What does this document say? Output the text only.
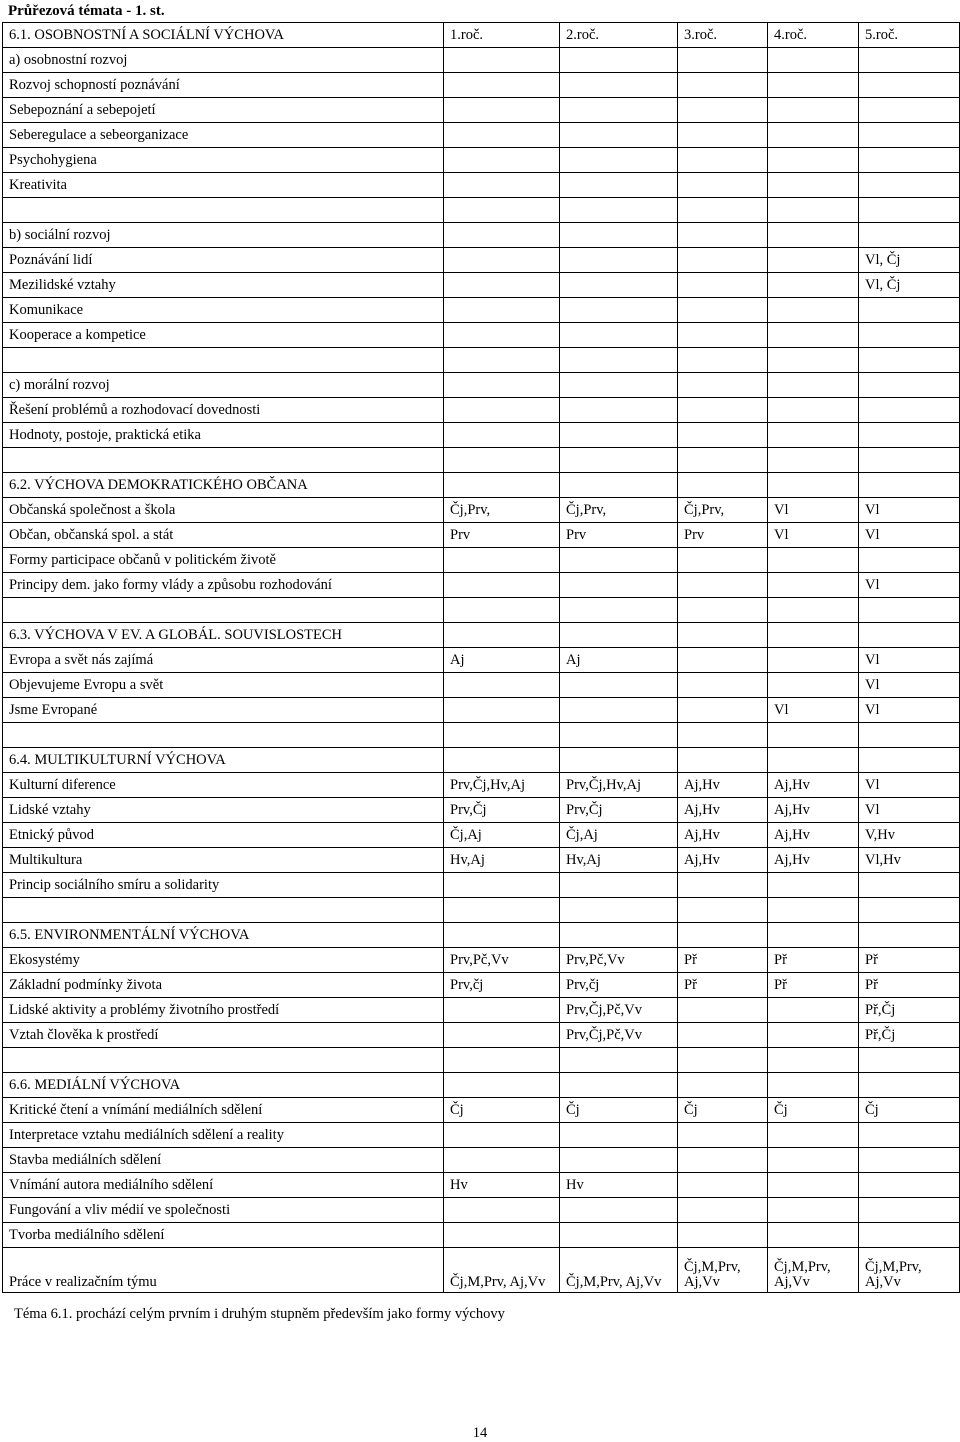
Průřezová témata - 1. st.
6.1. OSOBNOSTNÍ A SOCIÁLNÍ VÝCHOVA	1.roč.	2.roč.	3.roč.	4.roč.	5.roč.
a) osobnostní rozvoj					
Rozvoj schopností poznávání					
Sebepoznání a sebepojetí					
Seberegulace a sebeorganizace					
Psychohygiena					
Kreativita					

b) sociální rozvoj					
Poznávání lidí					Vl, Čj
Mezilidské vztahy					Vl, Čj
Komunikace					
Kooperace a kompetice					

c) morální rozvoj					
Řešení problémů a rozhodovací dovednosti					
Hodnoty, postoje, praktická etika					

6.2. VÝCHOVA DEMOKRATICKÉHO OBČANA					
Občanská společnost a škola	Čj,Prv,	Čj,Prv,	Čj,Prv,	Vl	Vl
Občan, občanská spol. a stát	Prv	Prv	Prv	Vl	Vl
Formy participace občanů v politickém životě					
Principy dem. jako formy vlády a způsobu rozhodování					Vl

6.3. VÝCHOVA V EV. A GLOBÁL. SOUVISLOSTECH					
Evropa a svět nás zajímá	Aj	Aj			Vl
Objevujeme Evropu a svět					Vl
Jsme Evropané				Vl	Vl

6.4. MULTIKULTURNÍ VÝCHOVA					
Kulturní diference	Prv,Čj,Hv,Aj	Prv,Čj,Hv,Aj	Aj,Hv	Aj,Hv	Vl
Lidské vztahy	Prv,Čj	Prv,Čj	Aj,Hv	Aj,Hv	Vl
Etnický původ	Čj,Aj	Čj,Aj	Aj,Hv	Aj,Hv	V,Hv
Multikultura	Hv,Aj	Hv,Aj	Aj,Hv	Aj,Hv	Vl,Hv
Princip sociálního smíru a solidarity					

6.5. ENVIRONMENTÁLNÍ VÝCHOVA					
Ekosystémy	Prv,Pč,Vv	Prv,Pč,Vv	Př	Př	Př
Základní podmínky života	Prv,čj	Prv,čj	Př	Př	Př
Lidské aktivity a problémy životního prostředí		Prv,Čj,Pč,Vv			Př,Čj
Vztah člověka k prostředí		Prv,Čj,Pč,Vv			Př,Čj

6.6. MEDIÁLNÍ VÝCHOVA					
Kritické čtení a vnímání mediálních sdělení	Čj	Čj	Čj	Čj	Čj
Interpretace vztahu mediálních sdělení a reality					
Stavba mediálních sdělení					
Vnímání autora mediálního sdělení	Hv	Hv			
Fungování a vliv médií ve společnosti					
Tvorba mediálního sdělení					
Práce v realizačním týmu	Čj,M,Prv, Aj,Vv	Čj,M,Prv, Aj,Vv	Čj,M,Prv, Aj,Vv	Čj,M,Prv, Aj,Vv	Čj,M,Prv, Aj,Vv
Téma 6.1. prochází celým prvním i druhým stupněm především jako formy výchovy
14
